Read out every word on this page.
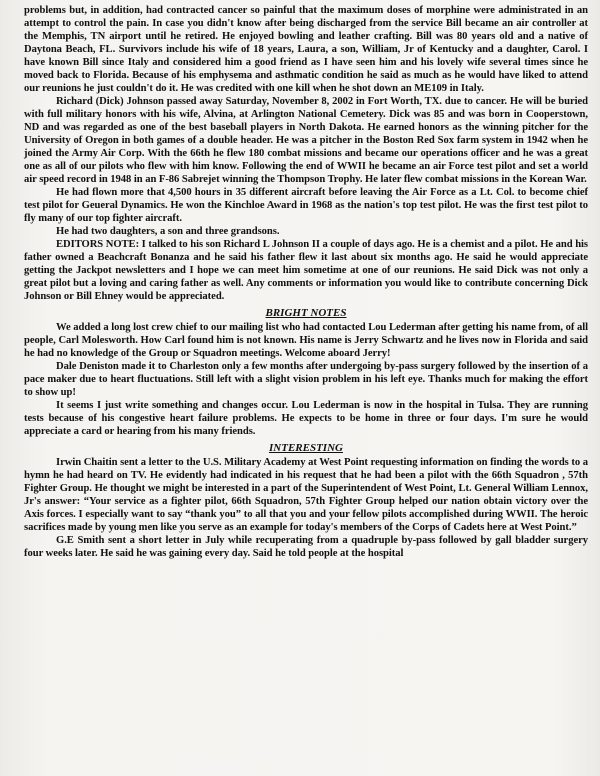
problems but, in addition, had contracted cancer so painful that the maximum doses of morphine were administrated in an attempt to control the pain. In case you didn't know after being discharged from the service Bill became an air controller at the Memphis, TN airport until he retired. He enjoyed bowling and leather crafting. Bill was 80 years old and a native of Daytona Beach, FL. Survivors include his wife of 18 years, Laura, a son, William, Jr of Kentucky and a daughter, Carol. I have known Bill since Italy and considered him a good friend as I have seen him and his lovely wife several times since he moved back to Florida. Because of his emphysema and asthmatic condition he said as much as he would have liked to attend our reunions he just couldn't do it. He was credited with one kill when he shot down an ME109 in Italy.

Richard (Dick) Johnson passed away Saturday, November 8, 2002 in Fort Worth, TX. due to cancer. He will be buried with full military honors with his wife, Alvina, at Arlington National Cemetery. Dick was 85 and was born in Cooperstown, ND and was regarded as one of the best baseball players in North Dakota. He earned honors as the winning pitcher for the University of Oregon in both games of a double header. He was a pitcher in the Boston Red Sox farm system in 1942 when he joined the Army Air Corp. With the 66th he flew 180 combat missions and became our operations officer and he was a great one as all of our pilots who flew with him know. Following the end of WWII he became an air Force test pilot and set a world air speed record in 1948 in an F-86 Sabrejet winning the Thompson Trophy. He later flew combat missions in the Korean War.

He had flown more that 4,500 hours in 35 different aircraft before leaving the Air Force as a Lt. Col. to become chief test pilot for Geueral Dynamics. He won the Kinchloe Award in 1968 as the nation's top test pilot. He was the first test pilot to fly many of our top fighter aircraft.

He had two daughters, a son and three grandsons.

EDITORS NOTE: I talked to his son Richard L Johnson II a couple of days ago. He is a chemist and a pilot. He and his father owned a Beachcraft Bonanza and he said his father flew it last about six months ago. He said he would appreciate getting the Jackpot newsletters and I hope we can meet him sometime at one of our reunions. He said Dick was not only a great pilot but a loving and caring father as well. Any comments or information you would like to contribute concerning Dick Johnson or Bill Ehney would be appreciated.

BRIGHT NOTES

We added a long lost crew chief to our mailing list who had contacted Lou Lederman after getting his name from, of all people, Carl Molesworth. How Carl found him is not known. His name is Jerry Schwartz and he lives now in Florida and said he had no knowledge of the Group or Squadron meetings. Welcome aboard Jerry!

Dale Deniston made it to Charleston only a few months after undergoing by-pass surgery followed by the insertion of a pace maker due to heart fluctuations. Still left with a slight vision problem in his left eye. Thanks much for making the effort to show up!

It seems I just write something and changes occur. Lou Lederman is now in the hospital in Tulsa. They are running tests because of his congestive heart failure problems. He expects to be home in three or four days. I'm sure he would appreciate a card or hearing from his many friends.

INTERESTING

Irwin Chaitin sent a letter to the U.S. Military Academy at West Point requesting information on finding the words to a hymn he had heard on TV. He evidently had indicated in his request that he had been a pilot with the 66th Squadron , 57th Fighter Group. He thought we might be interested in a part of the Superintendent of West Point, Lt. General William Lennox, Jr's answer: “Your service as a fighter pilot, 66th Squadron, 57th Fighter Group helped our nation obtain victory over the Axis forces. I especially want to say “thank you” to all that you and your fellow pilots accomplished during WWII. The heroic sacrifices made by young men like you serve as an example for today's members of the Corps of Cadets here at West Point.”

G.E Smith sent a short letter in July while recuperating from a quadruple by-pass followed by gall bladder surgery four weeks later. He said he was gaining every day. Said he told people at the hospital
